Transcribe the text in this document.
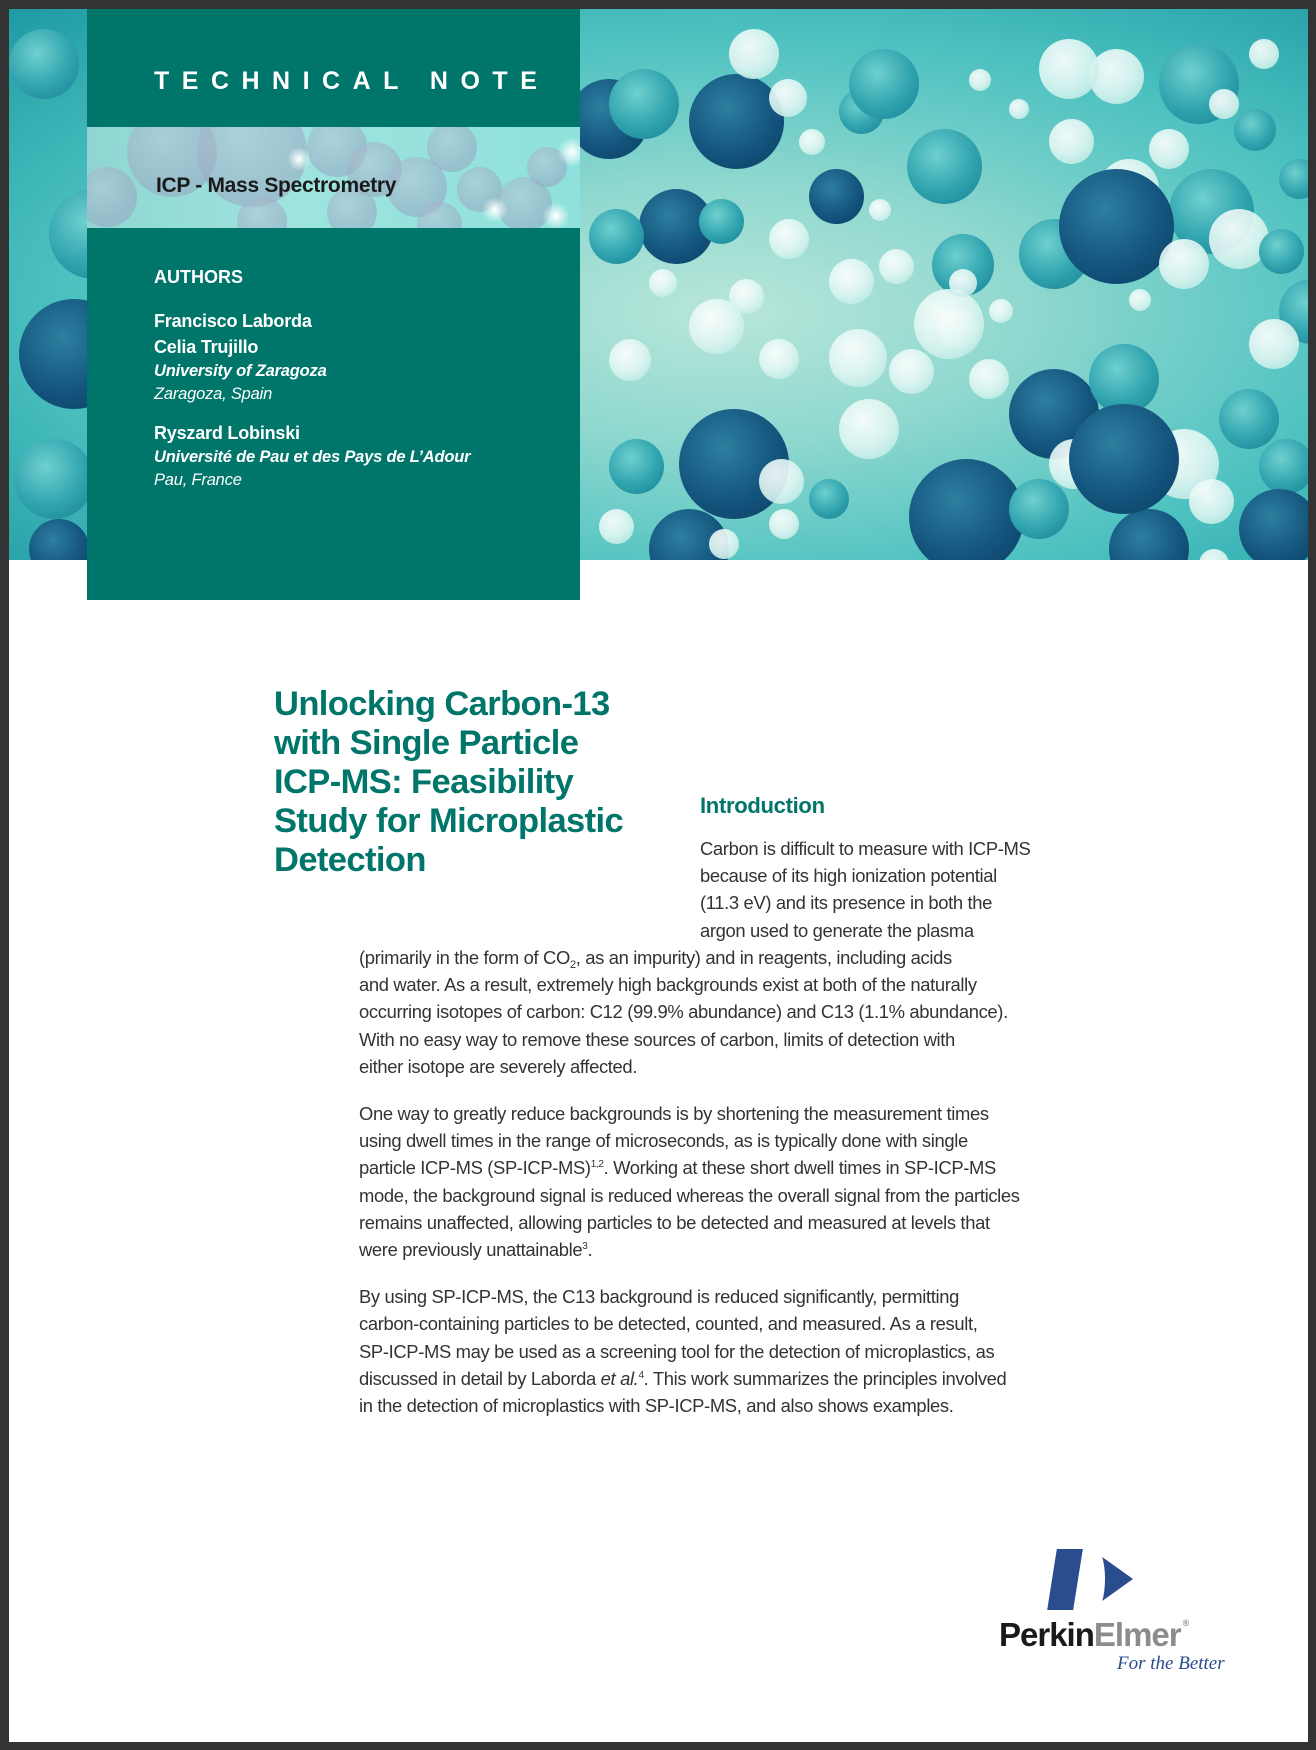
TECHNICAL NOTE
ICP - Mass Spectrometry
AUTHORS
Francisco Laborda
Celia Trujillo
University of Zaragoza
Zaragoza, Spain
Ryszard Lobinski
Université de Pau et des Pays de L’Adour
Pau, France
Unlocking Carbon-13
with Single Particle
ICP-MS: Feasibility
Study for Microplastic
Detection
Introduction
Carbon is difficult to measure with ICP-MS
because of its high ionization potential
(11.3 eV) and its presence in both the
argon used to generate the plasma
(primarily in the form of $CO_2$, as an impurity) and in reagents, including acids
and water. As a result, extremely high backgrounds exist at both of the naturally
occurring isotopes of carbon: C12 (99.9% abundance) and C13 (1.1% abundance).
With no easy way to remove these sources of carbon, limits of detection with
either isotope are severely affected.
One way to greatly reduce backgrounds is by shortening the measurement times
using dwell times in the range of microseconds, as is typically done with single
particle ICP-MS $(SP-ICP-MS)^{1,2}$. Working at these short dwell times in SP-ICP-MS
mode, the background signal is reduced whereas the overall signal from the particles
remains unaffected, allowing particles to be detected and measured at levels that
were previously unattainable$^3$.
By using SP-ICP-MS, the C13 background is reduced significantly, permitting
carbon-containing particles to be detected, counted, and measured. As a result,
SP-ICP-MS may be used as a screening tool for the detection of microplastics, as
discussed in detail by Laborda et al.$^4$. This work summarizes the principles involved
in the detection of microplastics with SP-ICP-MS, and also shows examples.
PerkinElmer ®
For the Better
